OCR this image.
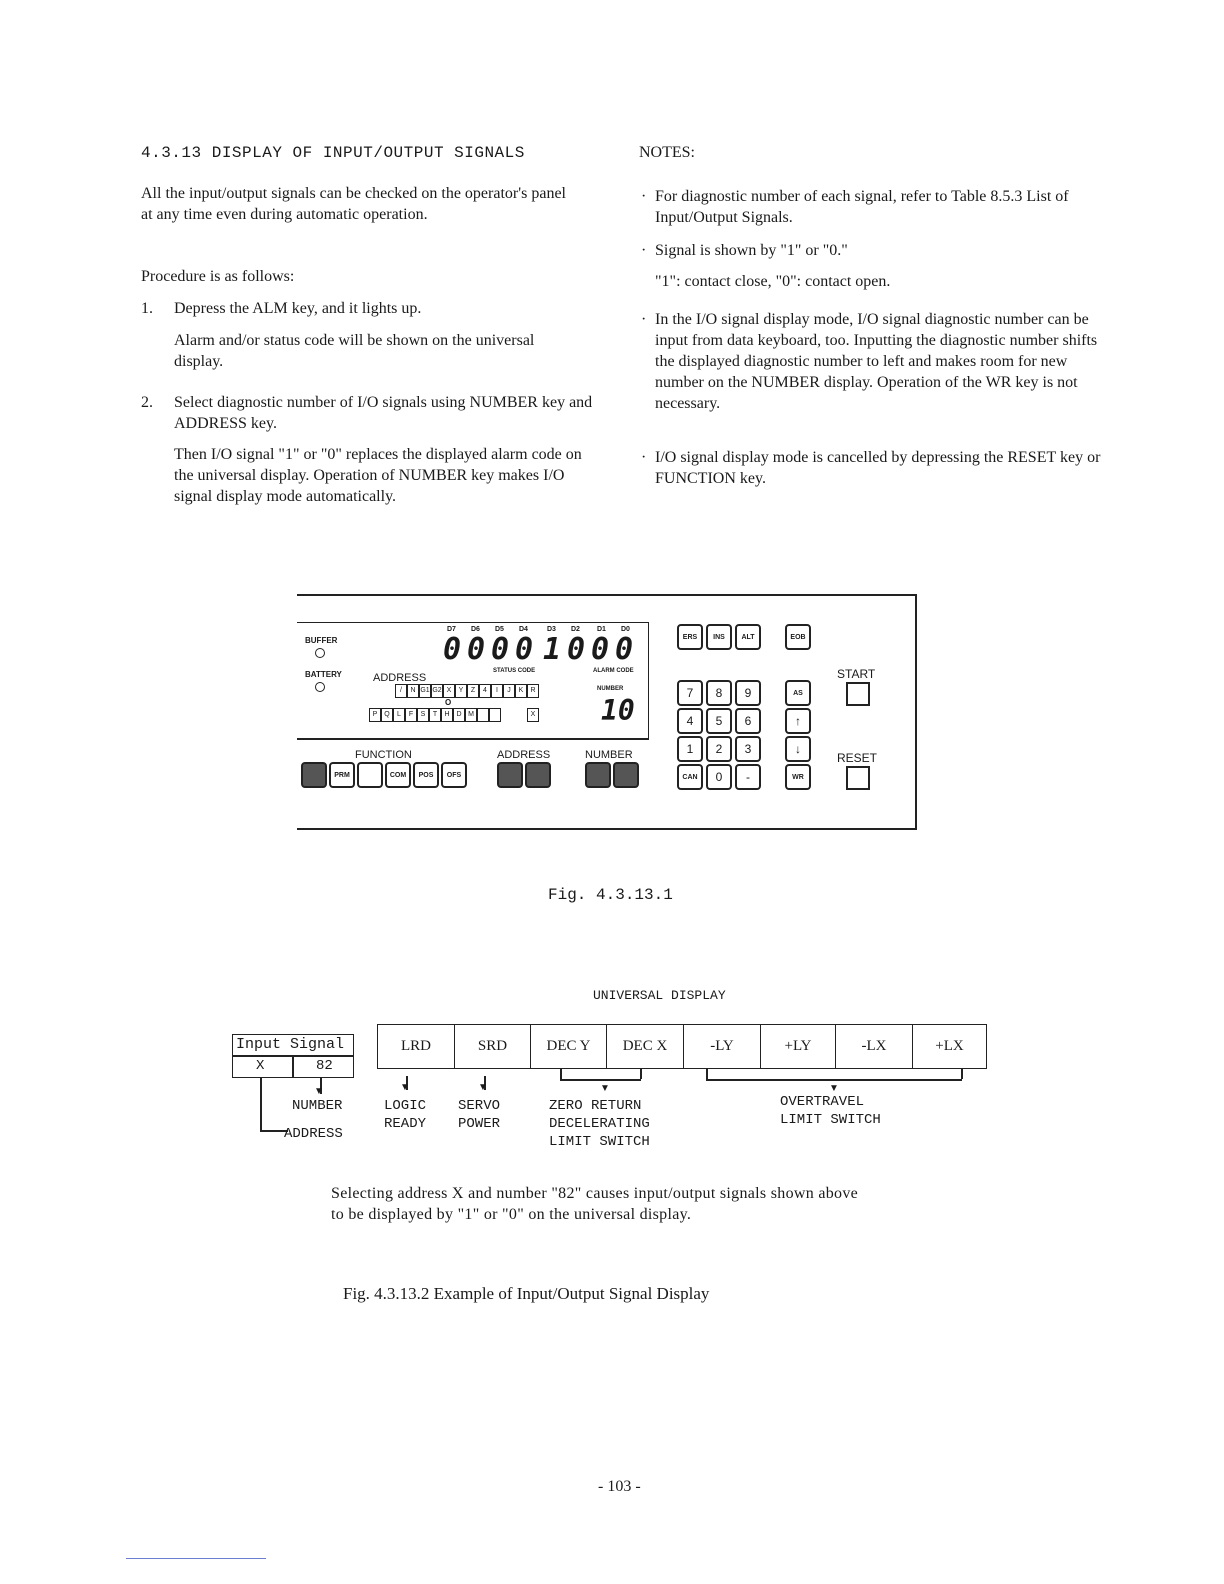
4.3.13 DISPLAY OF INPUT/OUTPUT SIGNALS
All the input/output signals can be checked on the operator's panel at any time even during automatic operation.
Procedure is as follows:
1. Depress the ALM key, and it lights up.
Alarm and/or status code will be shown on the universal display.
2. Select diagnostic number of I/O signals using NUMBER key and ADDRESS key.
Then I/O signal "1" or "0" replaces the displayed alarm code on the universal display. Operation of NUMBER key makes I/O signal display mode automatically.
NOTES:
· For diagnostic number of each signal, refer to Table 8.5.3 List of Input/Output Signals.
· Signal is shown by "1" or "0."
"1": contact close, "0": contact open.
· In the I/O signal display mode, I/O signal diagnostic number can be input from data keyboard, too. Inputting the diagnostic number shifts the displayed diagnostic number to left and makes room for new number on the NUMBER display. Operation of the WR key is not necessary.
· I/O signal display mode is cancelled by depressing the RESET key or FUNCTION key.
BUFFER
BATTERY
D7 D6 D5 D4	D3 D2 D1 D0
0 0 0 0 1 0 0 0
STATUS CODE	ALARM CODE
ADDRESS
NUMBER
/	N G1 G2 X	Y	Z	4	I	J	K	R
O
P Q	L	F	S	T	H D M	X 10
FUNCTION	ADDRESS	NUMBER
PRM	COM	POS	OFS
ERS	INS	ALT	EOB
7	8	9
4	5	6
1	2	3
CAN	0	-
AS
↑
↓
WR
START
RESET
Fig. 4.3.13.1
UNIVERSAL DISPLAY
Input Signal
X	82
▼
NUMBER
ADDRESS
LRD	SRD	DEC Y	DEC X	-LY	+LY	-LX	+LX
▼	▼	▼	▼
LOGIC
READY
SERVO
POWER
ZERO RETURN
DECELERATING
LIMIT SWITCH
OVERTRAVEL
LIMIT SWITCH
Selecting address X and number "82" causes input/output signals shown above to be displayed by "1" or "0" on the universal display.
Fig. 4.3.13.2 Example of Input/Output Signal Display
- 103 -
